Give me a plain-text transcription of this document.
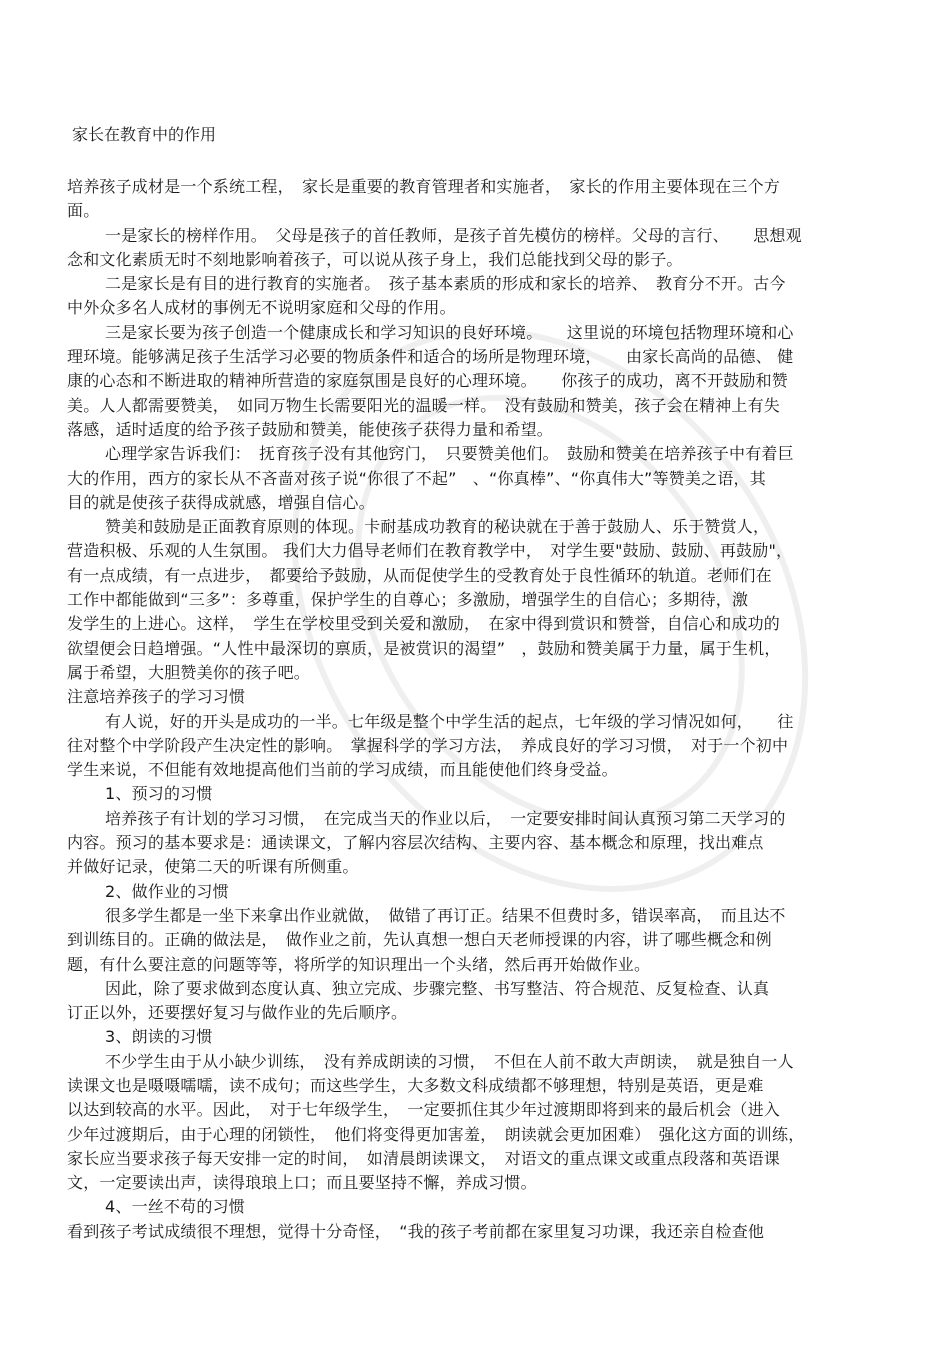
家长在教育中的作用
培养孩子成材是一个系统工程，　家长是重要的教育管理者和实施者，　家长的作用主要体现在三个方
面。
一是家长的榜样作用。　父母是孩子的首任教师，是孩子首先模仿的榜样。父母的言行、　　思想观
念和文化素质无时不刻地影响着孩子，可以说从孩子身上，我们总能找到父母的影子。
二是家长是有目的进行教育的实施者。　孩子基本素质的形成和家长的培养、　教育分不开。古今
中外众多名人成材的事例无不说明家庭和父母的作用。
三是家长要为孩子创造一个健康成长和学习知识的良好环境。　　这里说的环境包括物理环境和心
理环境。能够满足孩子生活学习必要的物质条件和适合的场所是物理环境，　　由家长高尚的品德、 健
康的心态和不断进取的精神所营造的家庭氛围是良好的心理环境。　　你孩子的成功，离不开鼓励和赞
美。人人都需要赞美，　如同万物生长需要阳光的温暖一样。　没有鼓励和赞美，孩子会在精神上有失
落感，适时适度的给予孩子鼓励和赞美，能使孩子获得力量和希望。
心理学家告诉我们：　抚育孩子没有其他窍门，　只要赞美他们。　鼓励和赞美在培养孩子中有着巨
大的作用，西方的家长从不吝啬对孩子说“你很了不起”　、“你真棒”、“你真伟大”等赞美之语，其
目的就是使孩子获得成就感，增强自信心。
赞美和鼓励是正面教育原则的体现。卡耐基成功教育的秘诀就在于善于鼓励人、乐于赞赏人，
营造积极、乐观的人生氛围。 我们大力倡导老师们在教育教学中，　对学生要"鼓励、鼓励、再鼓励"，
有一点成绩，有一点进步，　都要给予鼓励，从而促使学生的受教育处于良性循环的轨道。老师们在
工作中都能做到“三多”：多尊重，保护学生的自尊心；多激励，增强学生的自信心；多期待，激
发学生的上进心。这样，　学生在学校里受到关爱和激励，　在家中得到赏识和赞誉，自信心和成功的
欲望便会日趋增强。“人性中最深切的禀质，是被赏识的渴望”　，鼓励和赞美属于力量，属于生机，
属于希望，大胆赞美你的孩子吧。
注意培养孩子的学习习惯
有人说，好的开头是成功的一半。七年级是整个中学生活的起点，七年级的学习情况如何，　　往
往对整个中学阶段产生决定性的影响。　掌握科学的学习方法，　养成良好的学习习惯，　对于一个初中
学生来说，不但能有效地提高他们当前的学习成绩，而且能使他们终身受益。
1、预习的习惯
培养孩子有计划的学习习惯，　在完成当天的作业以后，　一定要安排时间认真预习第二天学习的
内容。预习的基本要求是：通读课文，了解内容层次结构、主要内容、基本概念和原理，找出难点
并做好记录，使第二天的听课有所侧重。
2、做作业的习惯
很多学生都是一坐下来拿出作业就做，　做错了再订正。结果不但费时多，错误率高，　而且达不
到训练目的。正确的做法是，　做作业之前，先认真想一想白天老师授课的内容，讲了哪些概念和例
题，有什么要注意的问题等等，将所学的知识理出一个头绪，然后再开始做作业。
因此，除了要求做到态度认真、独立完成、步骤完整、书写整洁、符合规范、反复检查、认真
订正以外，还要摆好复习与做作业的先后顺序。
3、朗读的习惯
不少学生由于从小缺少训练，　没有养成朗读的习惯，　不但在人前不敢大声朗读，　就是独自一人
读课文也是嗫嗫嚅嚅，读不成句；而这些学生，大多数文科成绩都不够理想，特别是英语，更是难
以达到较高的水平。因此，　对于七年级学生，　一定要抓住其少年过渡期即将到来的最后机会（进入
少年过渡期后，由于心理的闭锁性，　他们将变得更加害羞，　朗读就会更加困难）　强化这方面的训练，
家长应当要求孩子每天安排一定的时间，　如清晨朗读课文，　对语文的重点课文或重点段落和英语课
文，一定要读出声，读得琅琅上口；而且要坚持不懈，养成习惯。
4、一丝不苟的习惯
看到孩子考试成绩很不理想，觉得十分奇怪，　“我的孩子考前都在家里复习功课，我还亲自检查他
